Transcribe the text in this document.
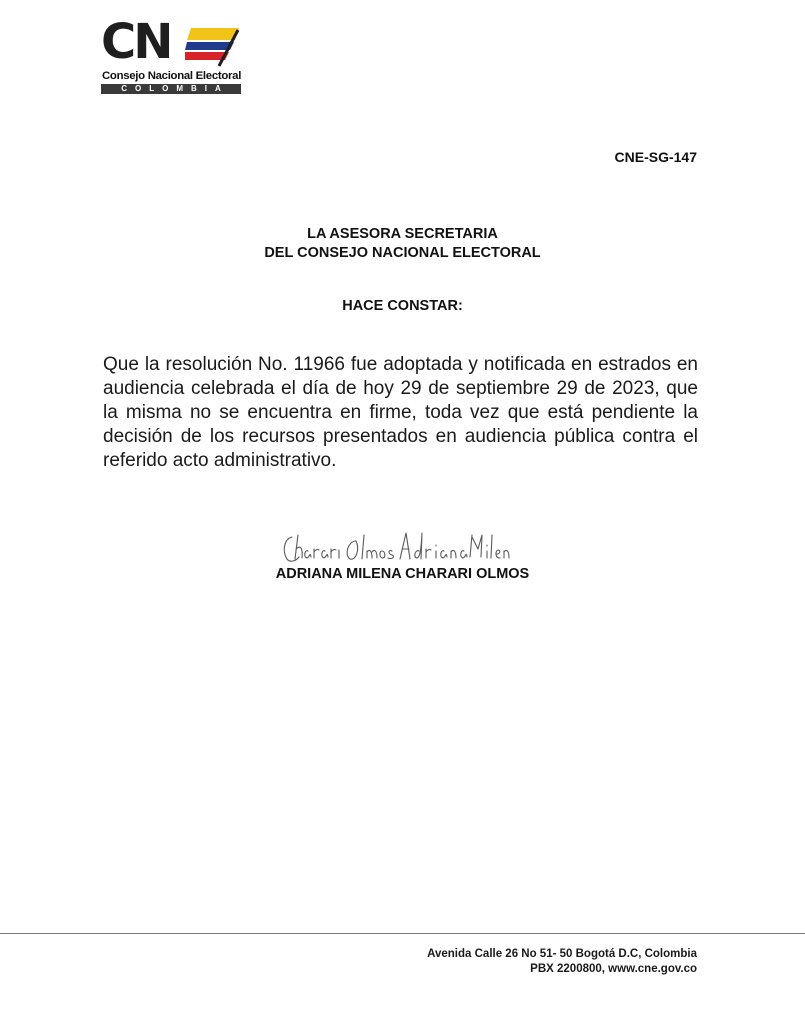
CN
Consejo Nacional Electoral
COLOMBIA
CNE-SG-147
LA ASESORA SECRETARIA
DEL CONSEJO NACIONAL ELECTORAL
HACE CONSTAR:
Que la resolución No. 11966 fue adoptada y notificada en estrados en audiencia celebrada el día de hoy 29 de septiembre 29 de 2023, que la misma no se encuentra en firme, toda vez que está pendiente la decisión de los recursos presentados en audiencia pública contra el referido acto administrativo.
ADRIANA MILENA CHARARI OLMOS
Avenida Calle 26 No 51- 50 Bogotá D.C, Colombia
PBX 2200800, www.cne.gov.co
